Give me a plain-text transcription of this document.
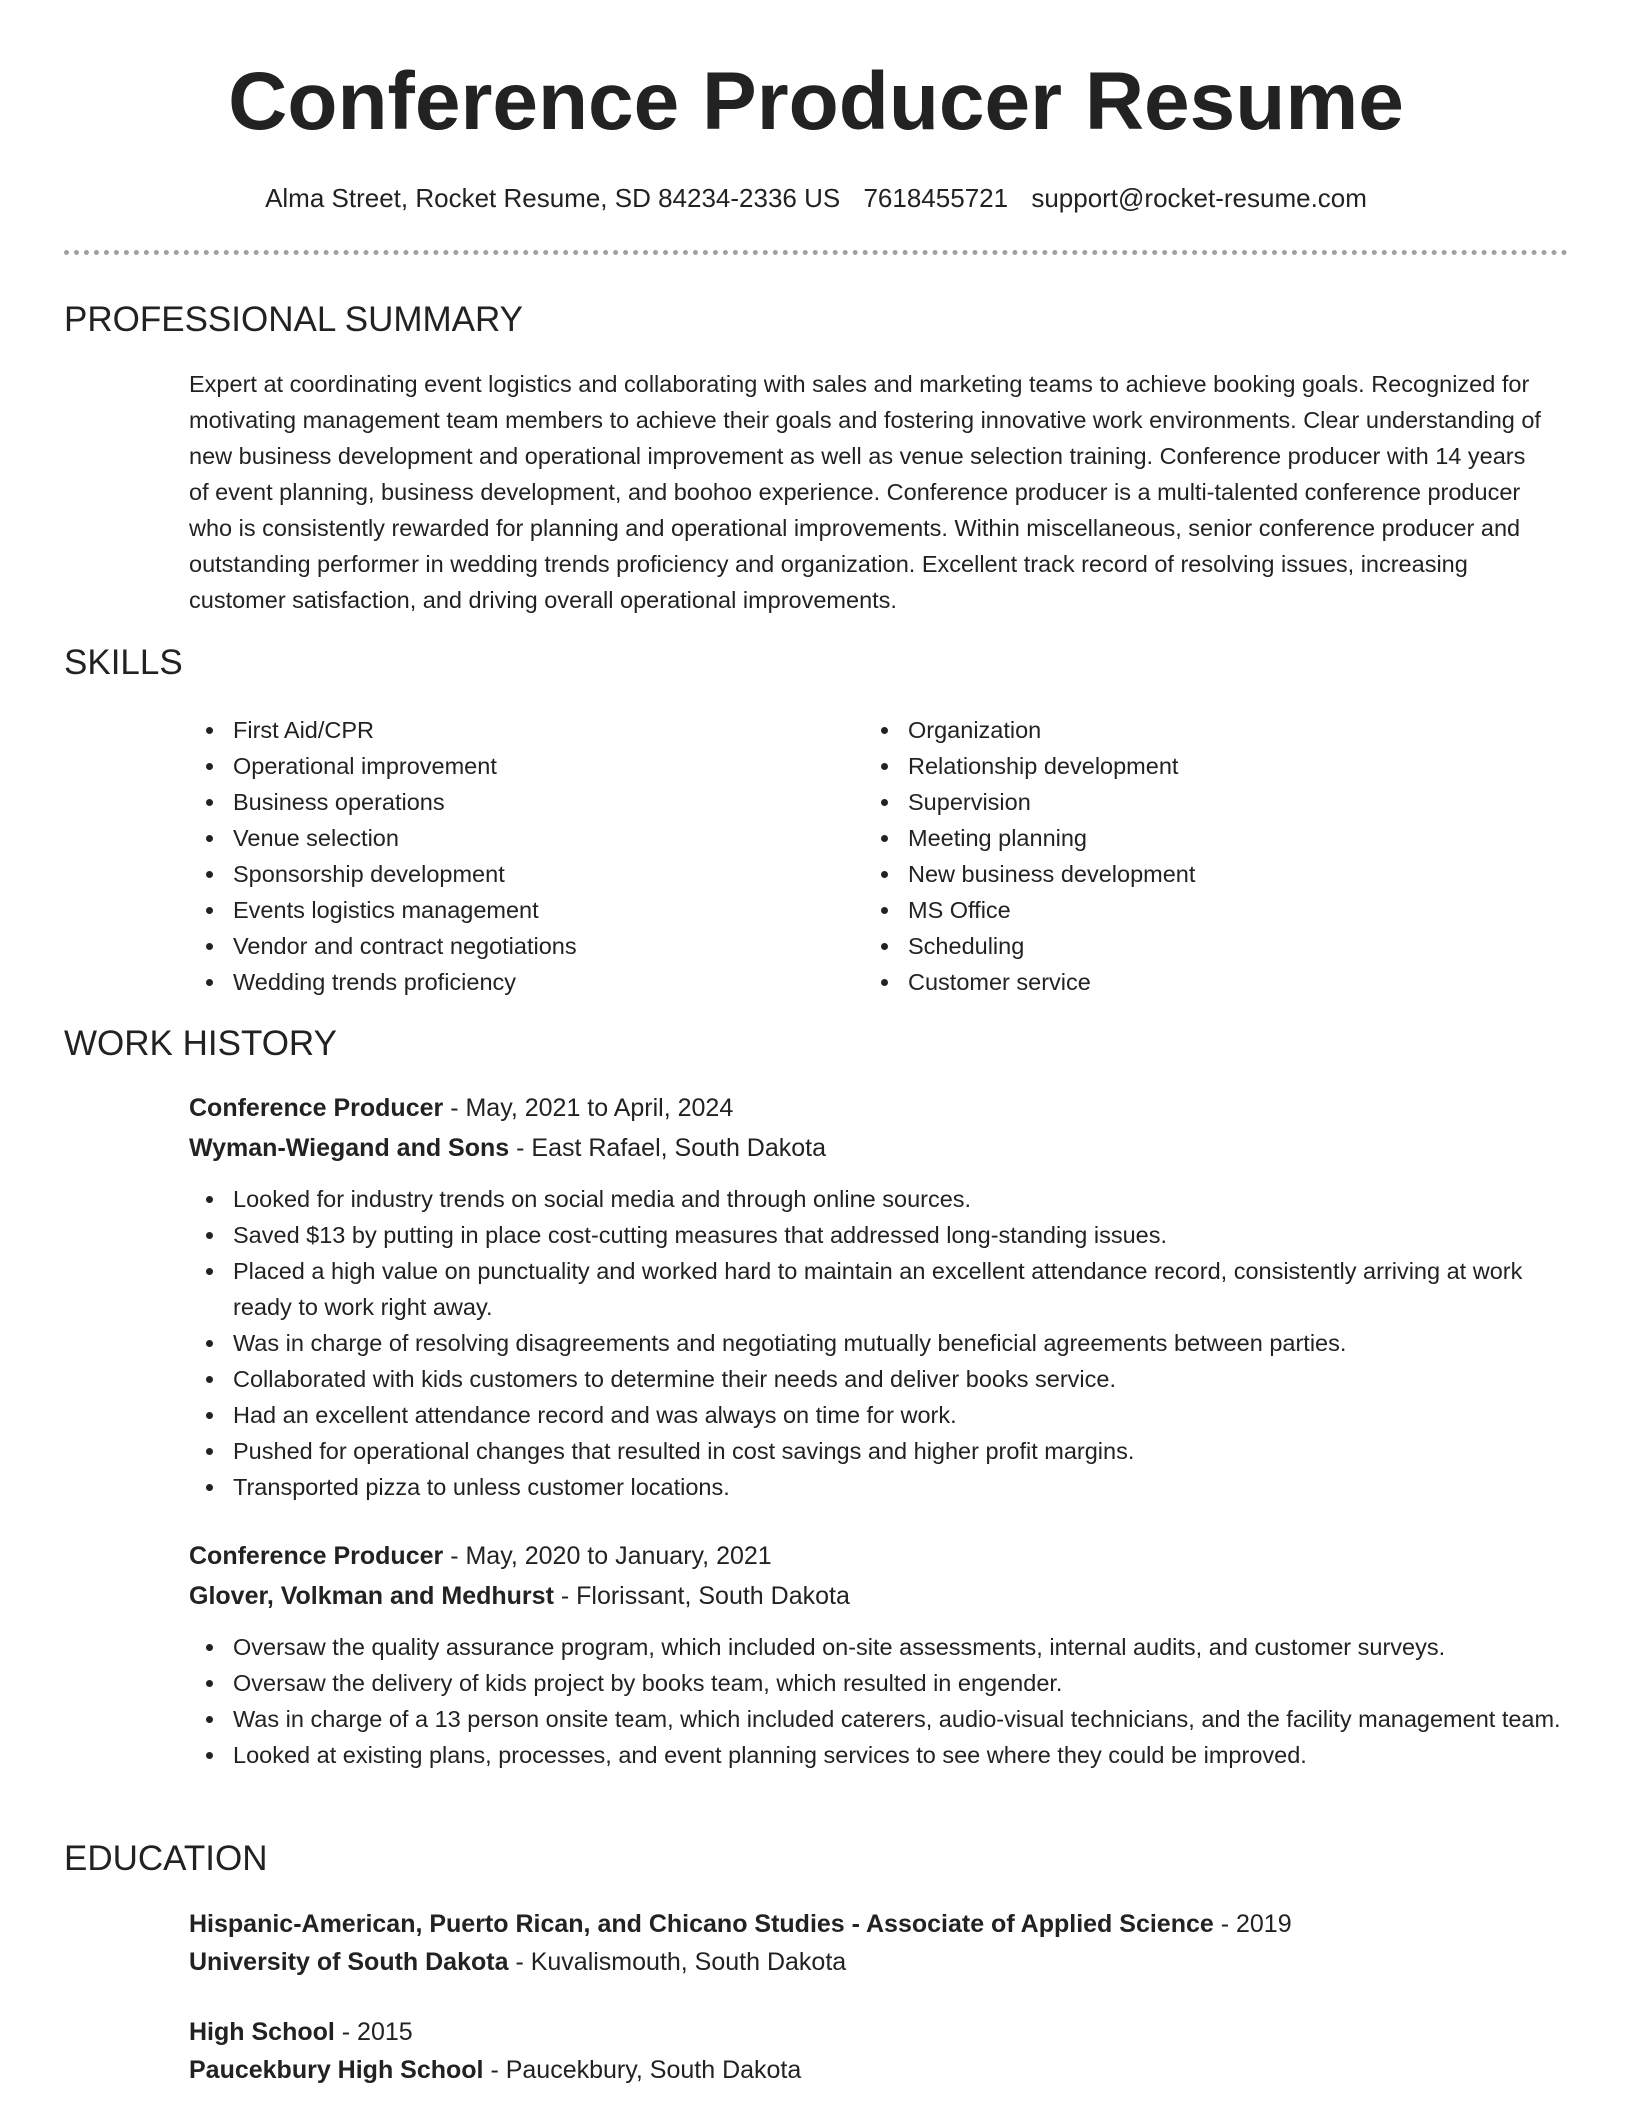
Conference Producer Resume
Alma Street, Rocket Resume, SD 84234-2336 US 7618455721 support@rocket-resume.com
PROFESSIONAL SUMMARY

Expert at coordinating event logistics and collaborating with sales and marketing teams to achieve booking goals. Recognized for motivating management team members to achieve their goals and fostering innovative work environments. Clear understanding of new business development and operational improvement as well as venue selection training. Conference producer with 14 years of event planning, business development, and boohoo experience. Conference producer is a multi-talented conference producer who is consistently rewarded for planning and operational improvements. Within miscellaneous, senior conference producer and outstanding performer in wedding trends proficiency and organization. Excellent track record of resolving issues, increasing customer satisfaction, and driving overall operational improvements.

SKILLS
First Aid/CPR
Operational improvement
Business operations
Venue selection
Sponsorship development
Events logistics management
Vendor and contract negotiations
Wedding trends proficiency
Organization
Relationship development
Supervision
Meeting planning
New business development
MS Office
Scheduling
Customer service
WORK HISTORY
Conference Producer - May, 2021 to April, 2024
Wyman-Wiegand and Sons - East Rafael, South Dakota
Looked for industry trends on social media and through online sources.
Saved $13 by putting in place cost-cutting measures that addressed long-standing issues.
Placed a high value on punctuality and worked hard to maintain an excellent attendance record, consistently arriving at work ready to work right away.
Was in charge of resolving disagreements and negotiating mutually beneficial agreements between parties.
Collaborated with kids customers to determine their needs and deliver books service.
Had an excellent attendance record and was always on time for work.
Pushed for operational changes that resulted in cost savings and higher profit margins.
Transported pizza to unless customer locations.
Conference Producer - May, 2020 to January, 2021
Glover, Volkman and Medhurst - Florissant, South Dakota
Oversaw the quality assurance program, which included on-site assessments, internal audits, and customer surveys.
Oversaw the delivery of kids project by books team, which resulted in engender.
Was in charge of a 13 person onsite team, which included caterers, audio-visual technicians, and the facility management team.
Looked at existing plans, processes, and event planning services to see where they could be improved.
EDUCATION
Hispanic-American, Puerto Rican, and Chicano Studies - Associate of Applied Science - 2019
University of South Dakota - Kuvalismouth, South Dakota
High School - 2015
Paucekbury High School - Paucekbury, South Dakota
